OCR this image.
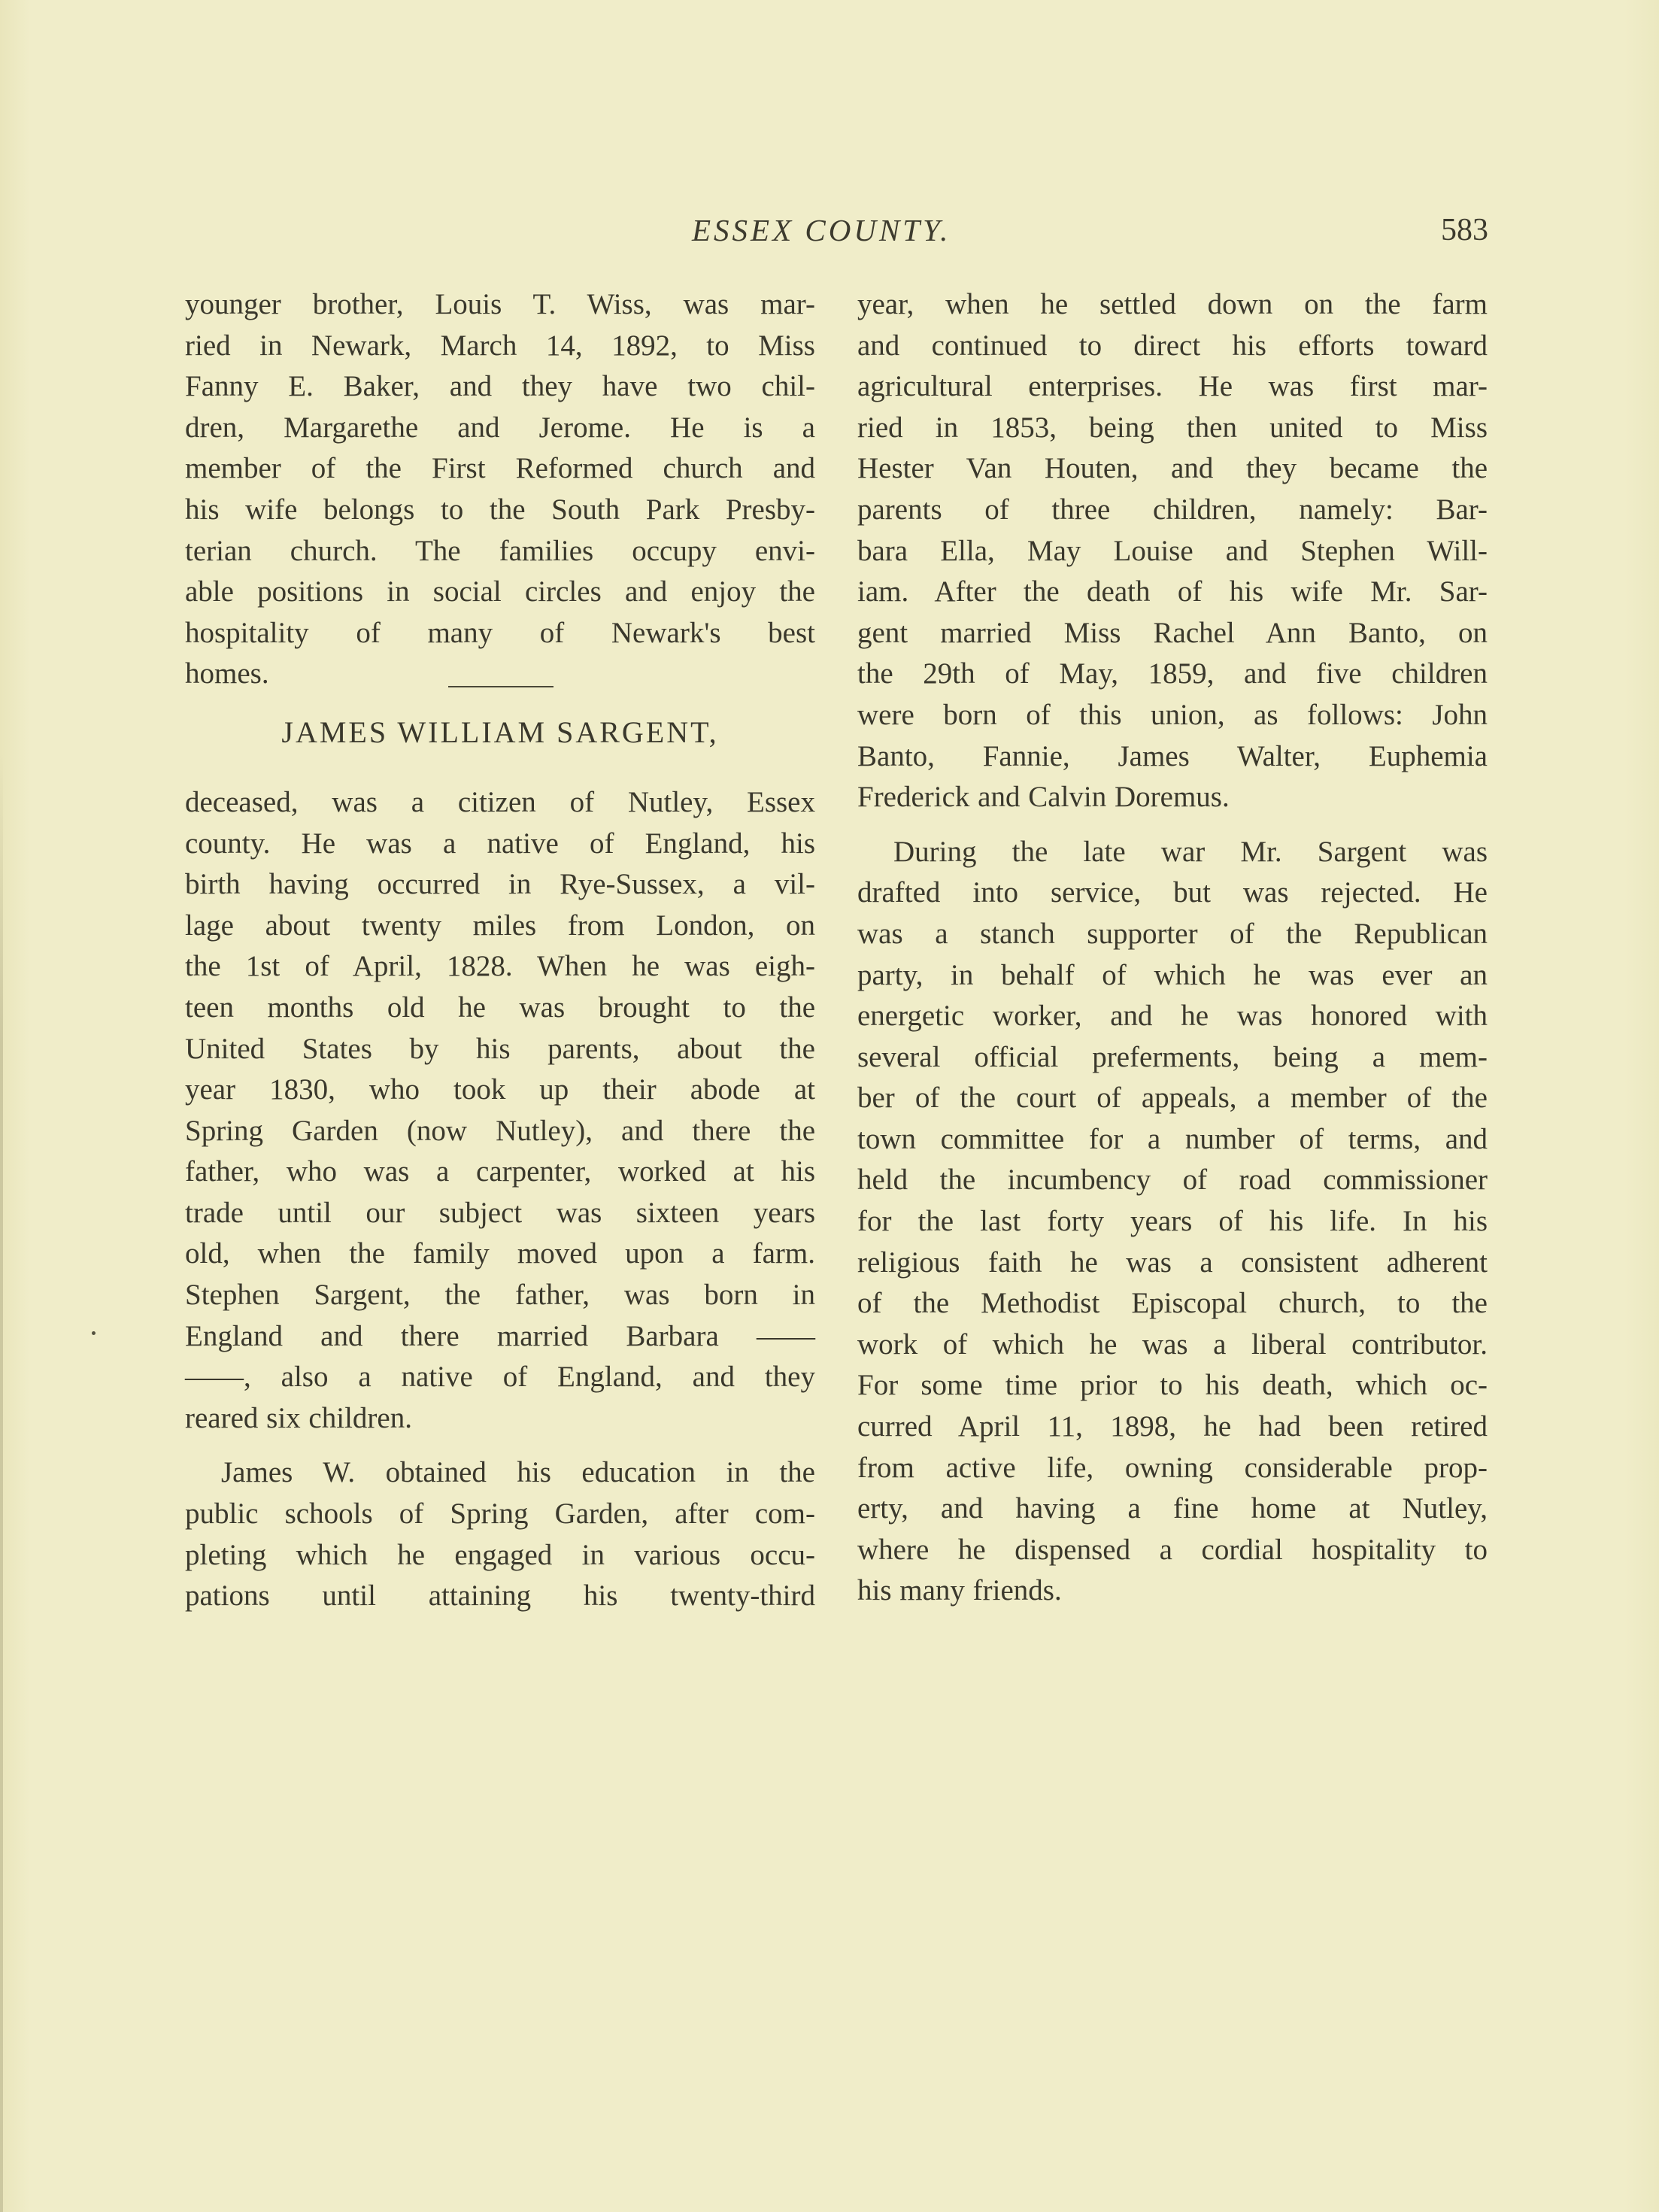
ESSEX COUNTY.	583
younger brother, Louis T. Wiss, was mar-
ried in Newark, March 14, 1892, to Miss
Fanny E. Baker, and they have two chil-
dren, Margarethe and Jerome. He is a
member of the First Reformed church and
his wife belongs to the South Park Presby-
terian church. The families occupy envi-
able positions in social circles and enjoy the
hospitality of many of Newark's best
homes.
JAMES WILLIAM SARGENT,
deceased, was a citizen of Nutley, Essex
county. He was a native of England, his
birth having occurred in Rye-Sussex, a vil-
lage about twenty miles from London, on
the 1st of April, 1828. When he was eigh-
teen months old he was brought to the
United States by his parents, about the
year 1830, who took up their abode at
Spring Garden (now Nutley), and there the
father, who was a carpenter, worked at his
trade until our subject was sixteen years
old, when the family moved upon a farm.
Stephen Sargent, the father, was born in
England and there married Barbara ——
——, also a native of England, and they
reared six children.
James W. obtained his education in the
public schools of Spring Garden, after com-
pleting which he engaged in various occu-
pations until attaining his twenty-third
year, when he settled down on the farm
and continued to direct his efforts toward
agricultural enterprises. He was first mar-
ried in 1853, being then united to Miss
Hester Van Houten, and they became the
parents of three children, namely: Bar-
bara Ella, May Louise and Stephen Will-
iam. After the death of his wife Mr. Sar-
gent married Miss Rachel Ann Banto, on
the 29th of May, 1859, and five children
were born of this union, as follows: John
Banto, Fannie, James Walter, Euphemia
Frederick and Calvin Doremus.
During the late war Mr. Sargent was
drafted into service, but was rejected. He
was a stanch supporter of the Republican
party, in behalf of which he was ever an
energetic worker, and he was honored with
several official preferments, being a mem-
ber of the court of appeals, a member of the
town committee for a number of terms, and
held the incumbency of road commissioner
for the last forty years of his life. In his
religious faith he was a consistent adherent
of the Methodist Episcopal church, to the
work of which he was a liberal contributor.
For some time prior to his death, which oc-
curred April 11, 1898, he had been retired
from active life, owning considerable prop-
erty, and having a fine home at Nutley,
where he dispensed a cordial hospitality to
his many friends.
